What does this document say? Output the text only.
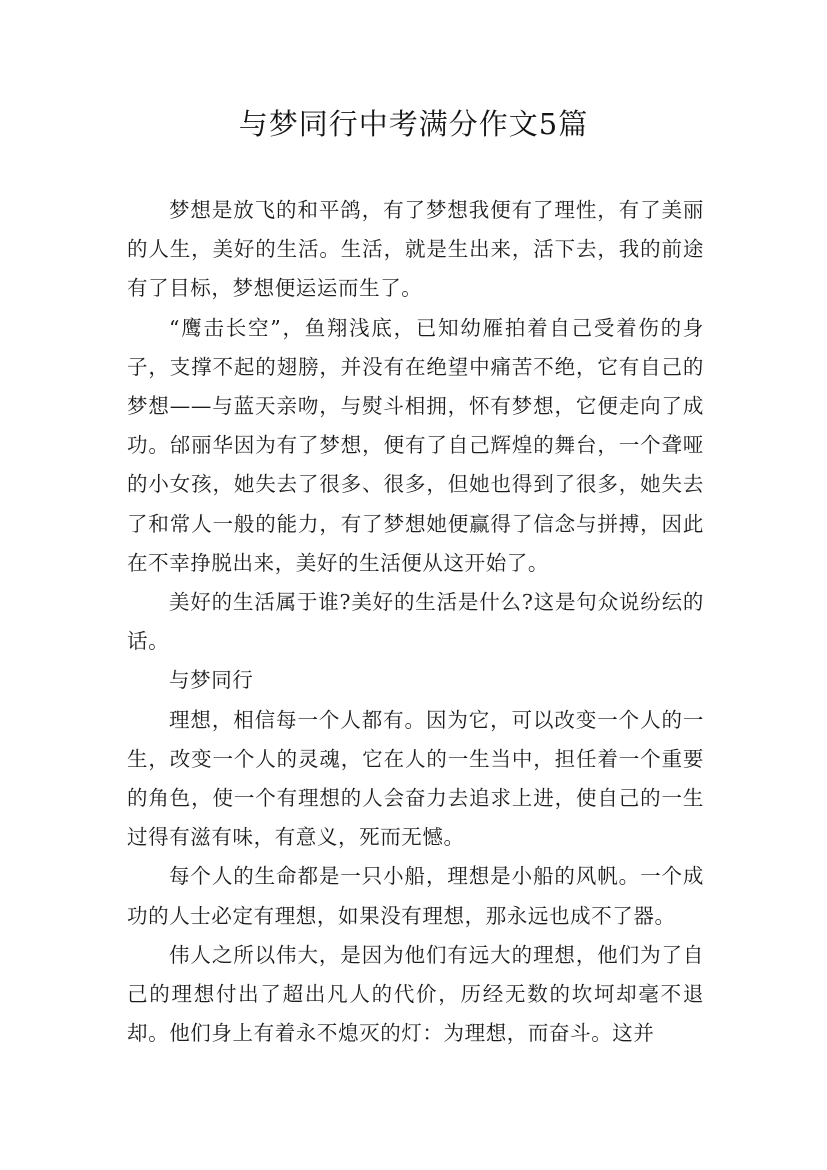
与梦同行中考满分作文5篇

梦想是放飞的和平鸽，有了梦想我便有了理性，有了美丽的人生，美好的生活。生活，就是生出来，活下去，我的前途有了目标，梦想便运运而生了。

“鹰击长空”，鱼翔浅底，已知幼雁拍着自己受着伤的身子，支撑不起的翅膀，并没有在绝望中痛苦不绝，它有自己的梦想——与蓝天亲吻，与熨斗相拥，怀有梦想，它便走向了成功。邰丽华因为有了梦想，便有了自己辉煌的舞台，一个聋哑的小女孩，她失去了很多、很多，但她也得到了很多，她失去了和常人一般的能力，有了梦想她便赢得了信念与拼搏，因此在不幸挣脱出来，美好的生活便从这开始了。

美好的生活属于谁?美好的生活是什么?这是句众说纷纭的话。

与梦同行

理想，相信每一个人都有。因为它，可以改变一个人的一生，改变一个人的灵魂，它在人的一生当中，担任着一个重要的角色，使一个有理想的人会奋力去追求上进，使自己的一生过得有滋有味，有意义，死而无憾。

每个人的生命都是一只小船，理想是小船的风帆。一个成功的人士必定有理想，如果没有理想，那永远也成不了器。

伟人之所以伟大，是因为他们有远大的理想，他们为了自己的理想付出了超出凡人的代价，历经无数的坎坷却毫不退却。他们身上有着永不熄灭的灯：为理想，而奋斗。这并
